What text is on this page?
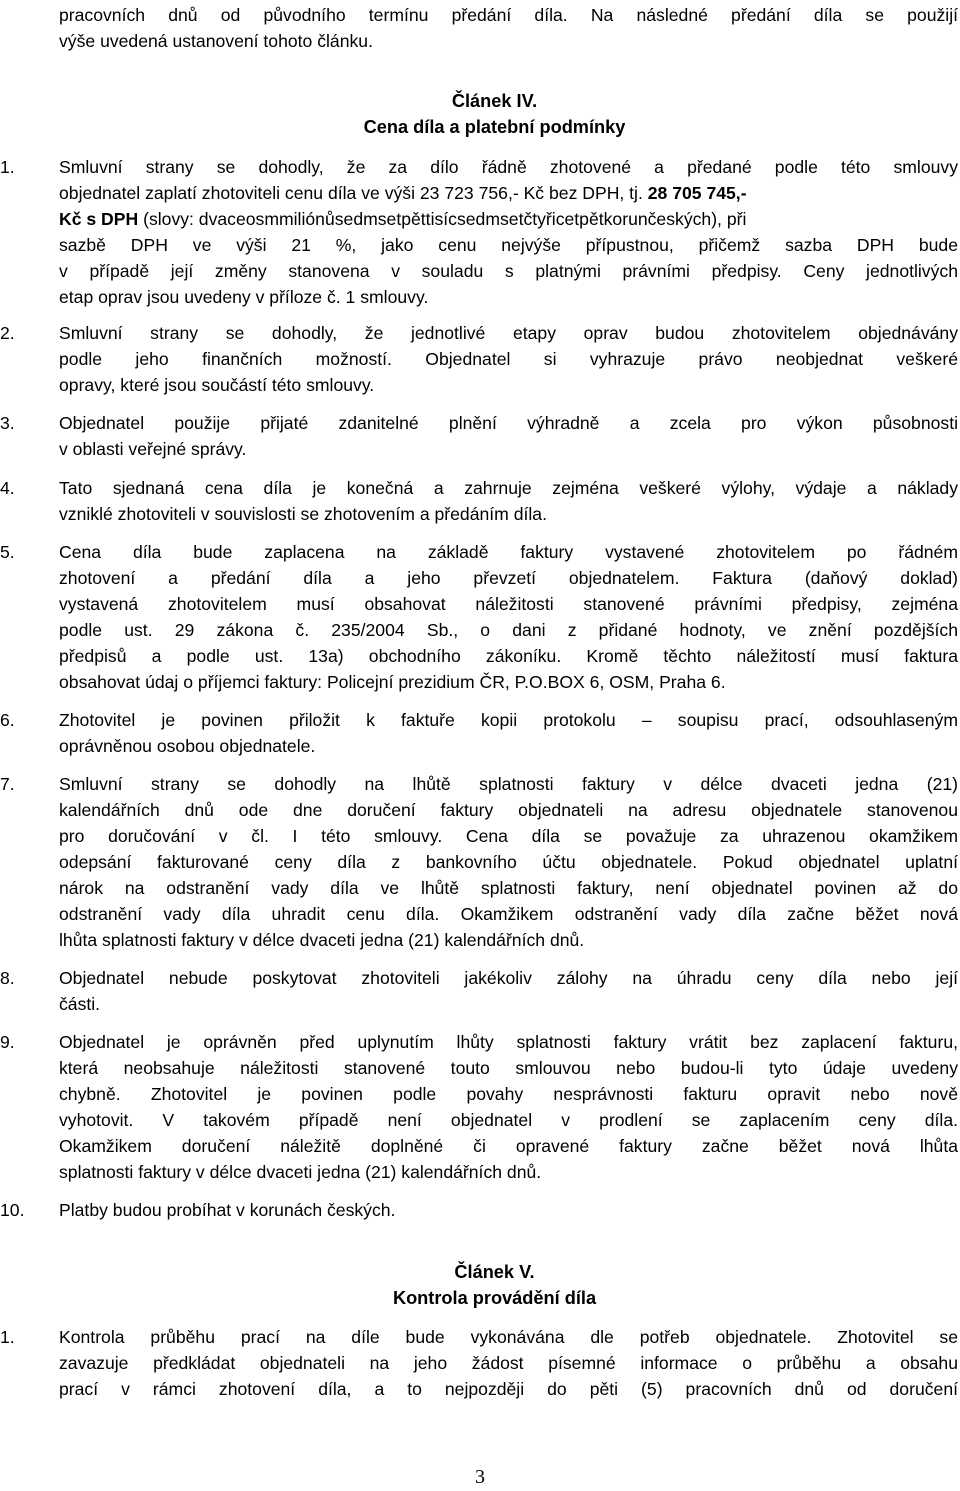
pracovních dnů od původního termínu předání díla. Na následné předání díla se použijí
výše uvedená ustanovení tohoto článku.
Článek IV.
Cena díla a platební podmínky
1.	Smluvní strany se dohodly, že za dílo řádně zhotovené a předané podle této smlouvy
objednatel zaplatí zhotoviteli cenu díla ve výši 23 723 756,- Kč bez DPH, tj. 28 705 745,-
Kč s DPH (slovy: dvaceosmmiliónůsedmsetpěttisícsedmsetčtyřicetpětkorunčeských), při
sazbě DPH ve výši 21 %, jako cenu nejvýše přípustnou, přičemž sazba DPH bude
v případě její změny stanovena v souladu s platnými právními předpisy. Ceny jednotlivých
etap oprav jsou uvedeny v příloze č. 1 smlouvy.
2.	Smluvní strany se dohodly, že jednotlivé etapy oprav budou zhotovitelem objednávány
podle jeho finančních možností. Objednatel si vyhrazuje právo neobjednat veškeré
opravy, které jsou součástí této smlouvy.
3.	Objednatel použije přijaté zdanitelné plnění výhradně a zcela pro výkon působnosti
v oblasti veřejné správy.
4.	Tato sjednaná cena díla je konečná a zahrnuje zejména veškeré výlohy, výdaje a náklady
vzniklé zhotoviteli v souvislosti se zhotovením a předáním díla.
5.	Cena díla bude zaplacena na základě faktury vystavené zhotovitelem po řádném
zhotovení a předání díla a jeho převzetí objednatelem. Faktura (daňový doklad)
vystavená zhotovitelem musí obsahovat náležitosti stanovené právními předpisy, zejména
podle ust. 29 zákona č. 235/2004 Sb., o dani z přidané hodnoty, ve znění pozdějších
předpisů a podle ust. 13a) obchodního zákoníku. Kromě těchto náležitostí musí faktura
obsahovat údaj o příjemci faktury: Policejní prezidium ČR, P.O.BOX 6, OSM, Praha 6.
6.	Zhotovitel je povinen přiložit k faktuře kopii protokolu – soupisu prací, odsouhlaseným
oprávněnou osobou objednatele.
7.	Smluvní strany se dohodly na lhůtě splatnosti faktury v délce dvaceti jedna (21)
kalendářních dnů ode dne doručení faktury objednateli na adresu objednatele stanovenou
pro doručování v čl. I této smlouvy. Cena díla se považuje za uhrazenou okamžikem
odepsání fakturované ceny díla z bankovního účtu objednatele. Pokud objednatel uplatní
nárok na odstranění vady díla ve lhůtě splatnosti faktury, není objednatel povinen až do
odstranění vady díla uhradit cenu díla. Okamžikem odstranění vady díla začne běžet nová
lhůta splatnosti faktury v délce dvaceti jedna (21) kalendářních dnů.
8.	Objednatel nebude poskytovat zhotoviteli jakékoliv zálohy na úhradu ceny díla nebo její
části.
9.	Objednatel je oprávněn před uplynutím lhůty splatnosti faktury vrátit bez zaplacení fakturu,
která neobsahuje náležitosti stanovené touto smlouvou nebo budou-li tyto údaje uvedeny
chybně. Zhotovitel je povinen podle povahy nesprávnosti fakturu opravit nebo nově
vyhotovit. V takovém případě není objednatel v prodlení se zaplacením ceny díla.
Okamžikem doručení náležitě doplněné či opravené faktury začne běžet nová lhůta
splatnosti faktury v délce dvaceti jedna (21) kalendářních dnů.
10. Platby budou probíhat v korunách českých.
Článek V.
Kontrola provádění díla
1.	Kontrola průběhu prací na díle bude vykonávána dle potřeb objednatele. Zhotovitel se
zavazuje předkládat objednateli na jeho žádost písemné informace o průběhu a obsahu
prací v rámci zhotovení díla, a to nejpozději do pěti (5) pracovních dnů od doručení
3
